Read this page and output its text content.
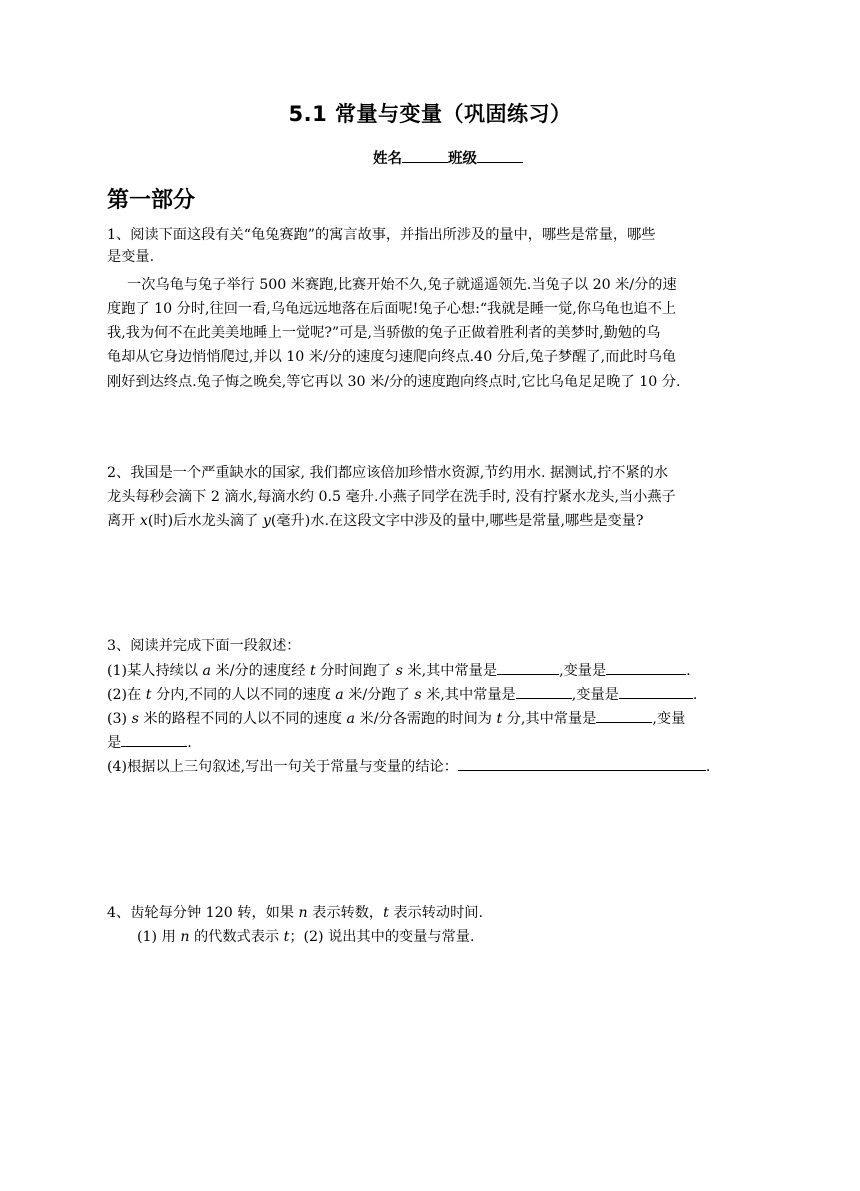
5.1 常量与变量（巩固练习）
姓名	班级
第一部分
1、阅读下面这段有关“龟兔赛跑”的寓言故事，并指出所涉及的量中，哪些是常量，哪些
是变量.
一次乌龟与兔子举行 500 米赛跑,比赛开始不久,兔子就遥遥领先.当兔子以 20 米/分的速
度跑了 10 分时,往回一看,乌龟远远地落在后面呢!兔子心想:“我就是睡一觉,你乌龟也追不上
我,我为何不在此美美地睡上一觉呢?”可是,当骄傲的兔子正做着胜利者的美梦时,勤勉的乌
龟却从它身边悄悄爬过,并以 10 米/分的速度匀速爬向终点.40 分后,兔子梦醒了,而此时乌龟
刚好到达终点.兔子悔之晚矣,等它再以 30 米/分的速度跑向终点时,它比乌龟足足晚了 10 分.
2、我国是一个严重缺水的国家, 我们都应该倍加珍惜水资源,节约用水. 据测试,拧不紧的水
龙头每秒会滴下 2 滴水,每滴水约 0.5 毫升.小燕子同学在洗手时, 没有拧紧水龙头,当小燕子
离开 x(时)后水龙头滴了 y(毫升)水.在这段文字中涉及的量中,哪些是常量,哪些是变量?
3、阅读并完成下面一段叙述：
(1)某人持续以 a 米/分的速度经 t 分时间跑了 s 米,其中常量是	,变量是	.
(2)在 t 分内,不同的人以不同的速度 a 米/分跑了 s 米,其中常量是	,变量是	.
(3) s 米的路程不同的人以不同的速度 a 米/分各需跑的时间为 t 分,其中常量是	,变量
是	.
(4)根据以上三句叙述,写出一句关于常量与变量的结论：	.
4、齿轮每分钟 120 转，如果 n 表示转数，t 表示转动时间.
(1) 用 n 的代数式表示 t；(2) 说出其中的变量与常量.
